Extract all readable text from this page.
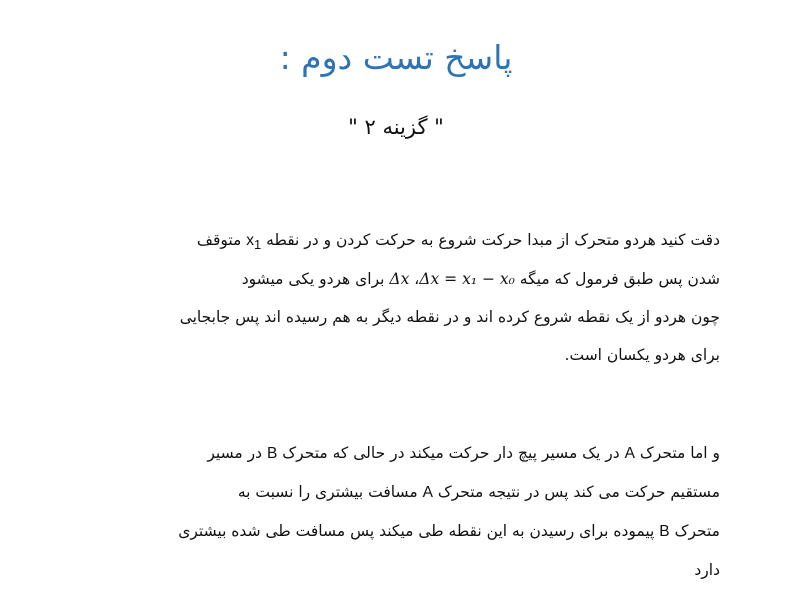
پاسخ تست دوم :
" گزینه ۲ "
دقت کنید هردو متحرک از مبدا حرکت شروع به حرکت کردن و در نقطه $x_1$ متوقف
شدن پس طبق فرمول که میگه Δx = x₁ − x₀، Δx برای هردو یکی میشود
چون هردو از یک نقطه شروع کرده اند و در نقطه دیگر به هم رسیده اند پس جابجایی
برای هردو یکسان است.
و اما متحرک A در یک مسیر پیچ دار حرکت میکند در حالی که متحرک B در مسیر
مستقیم حرکت می کند پس در نتیجه متحرک A مسافت بیشتری را نسبت به
متحرک B پیموده برای رسیدن به این نقطه طی میکند پس مسافت طی شده بیشتری
دارد
